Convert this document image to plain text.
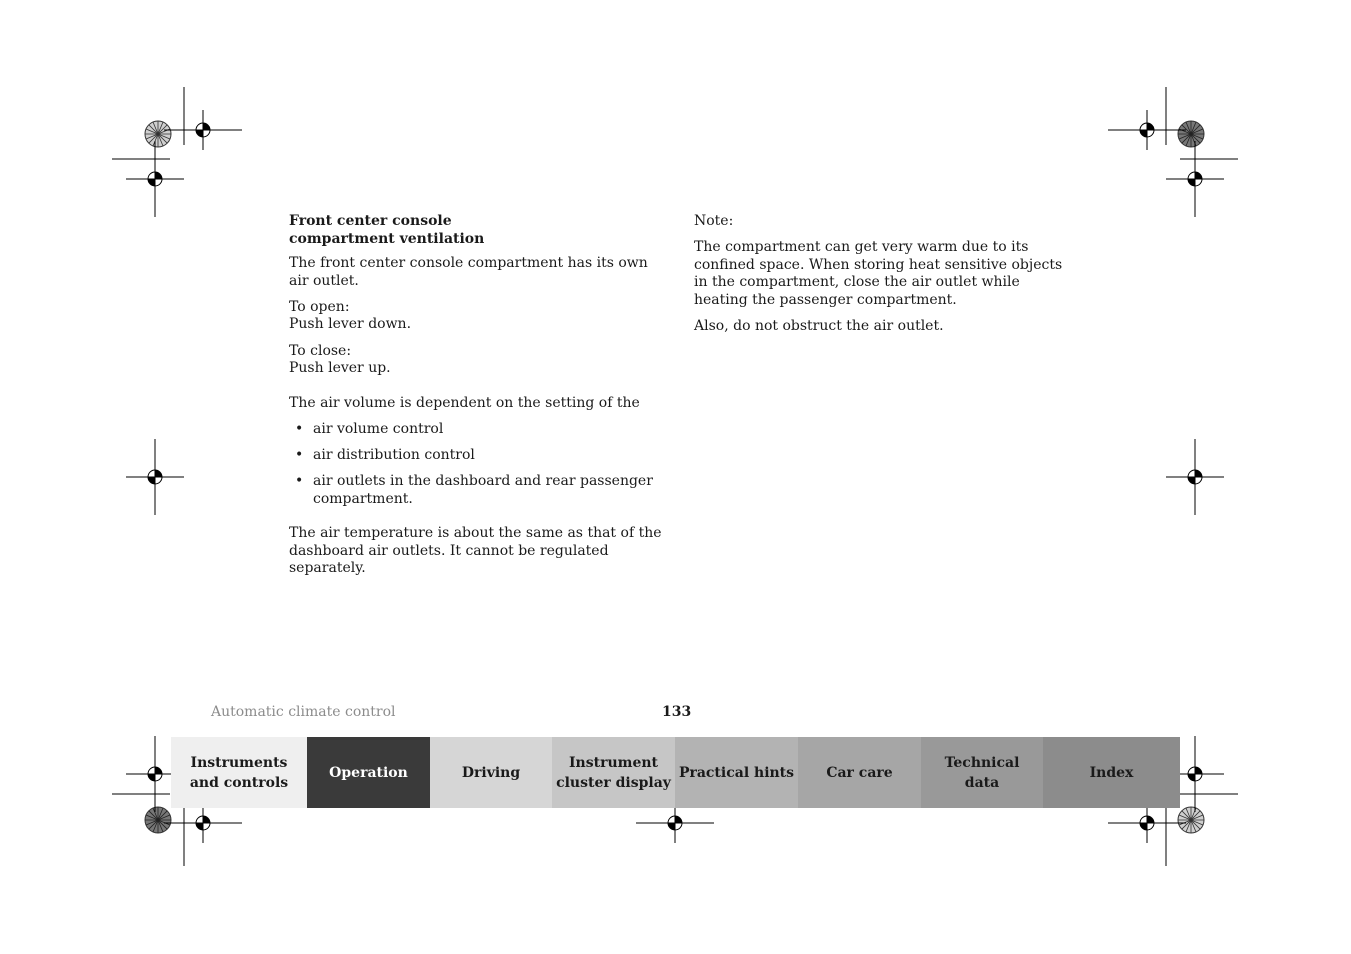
Front center console
compartment ventilation

The front center console compartment has its own air outlet.

To open:
Push lever down.

To close:
Push lever up.

The air volume is dependent on the setting of the

• air volume control
• air distribution control
• air outlets in the dashboard and rear passenger compartment.

The air temperature is about the same as that of the dashboard air outlets. It cannot be regulated separately.

Note:

The compartment can get very warm due to its confined space. When storing heat sensitive objects in the compartment, close the air outlet while heating the passenger compartment.

Also, do not obstruct the air outlet.

Automatic climate control	133
Instruments
and controls
Operation	Driving
Instrument
cluster display
Practical hints Car care
Technical
data
Index
